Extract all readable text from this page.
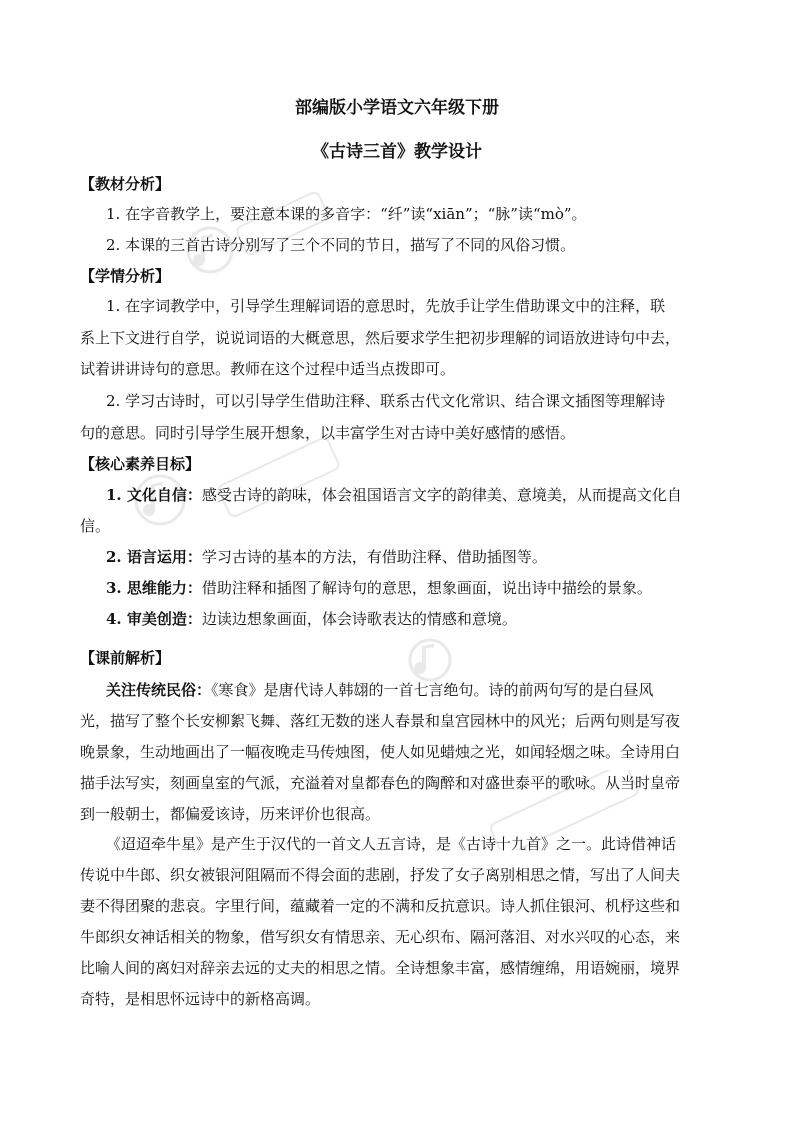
部编版小学语文六年级下册
《古诗三首》教学设计
【教材分析】
1. 在字音教学上，要注意本课的多音字：“纤”读“xiān”；“脉”读“mò”。
2. 本课的三首古诗分别写了三个不同的节日，描写了不同的风俗习惯。
【学情分析】
1. 在字词教学中，引导学生理解词语的意思时，先放手让学生借助课文中的注释，联
系上下文进行自学，说说词语的大概意思，然后要求学生把初步理解的词语放进诗句中去，
试着讲讲诗句的意思。教师在这个过程中适当点拨即可。
2. 学习古诗时，可以引导学生借助注释、联系古代文化常识、结合课文插图等理解诗
句的意思。同时引导学生展开想象，以丰富学生对古诗中美好感情的感悟。
【核心素养目标】
1. 文化自信：感受古诗的韵味，体会祖国语言文字的韵律美、意境美，从而提高文化自
信。
2. 语言运用：学习古诗的基本的方法，有借助注释、借助插图等。
3. 思维能力：借助注释和插图了解诗句的意思，想象画面，说出诗中描绘的景象。
4. 审美创造：边读边想象画面，体会诗歌表达的情感和意境。
【课前解析】
关注传统民俗：《寒食》是唐代诗人韩翃的一首七言绝句。诗的前两句写的是白昼风
光，描写了整个长安柳絮飞舞、落红无数的迷人春景和皇宫园林中的风光；后两句则是写夜
晚景象，生动地画出了一幅夜晚走马传烛图，使人如见蜡烛之光，如闻轻烟之味。全诗用白
描手法写实，刻画皇室的气派，充溢着对皇都春色的陶醉和对盛世泰平的歌咏。从当时皇帝
到一般朝士，都偏爱该诗，历来评价也很高。
《迢迢牵牛星》是产生于汉代的一首文人五言诗，是《古诗十九首》之一。此诗借神话
传说中牛郎、织女被银河阻隔而不得会面的悲剧，抒发了女子离别相思之情，写出了人间夫
妻不得团聚的悲哀。字里行间，蕴藏着一定的不满和反抗意识。诗人抓住银河、机杼这些和
牛郎织女神话相关的物象，借写织女有情思亲、无心织布、隔河落泪、对水兴叹的心态，来
比喻人间的离妇对辞亲去远的丈夫的相思之情。全诗想象丰富，感情缠绵，用语婉丽，境界
奇特，是相思怀远诗中的新格高调。
